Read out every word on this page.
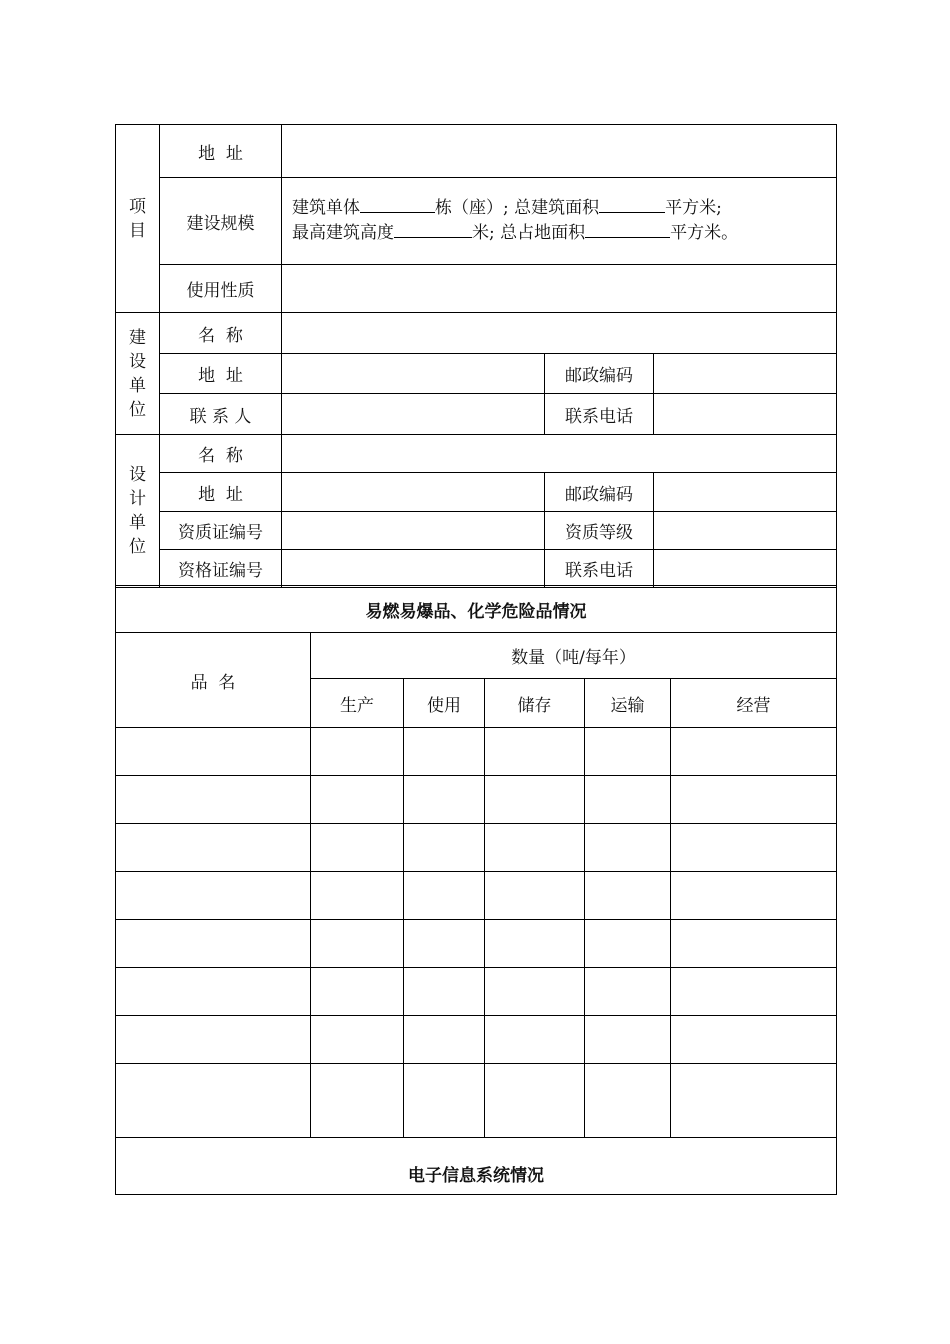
项目	地  址			
	建设规模	建筑单体 栋（座）; 总建筑面积 平方米;
最高建筑高度 米; 总占地面积 平方米。		

	使用性质			

建设单位	名  称			
	地  址		邮政编码	
	联 系 人		联系电话	

设计单位	名  称			
	地  址		邮政编码	
	资质证编号		资质等级	
	资格证编号		联系电话	
易燃易爆品、化学危险品情况					
品  名	数量（吨/每年）				
	生产	使用	储存	运输	经营

电子信息系统情况					
